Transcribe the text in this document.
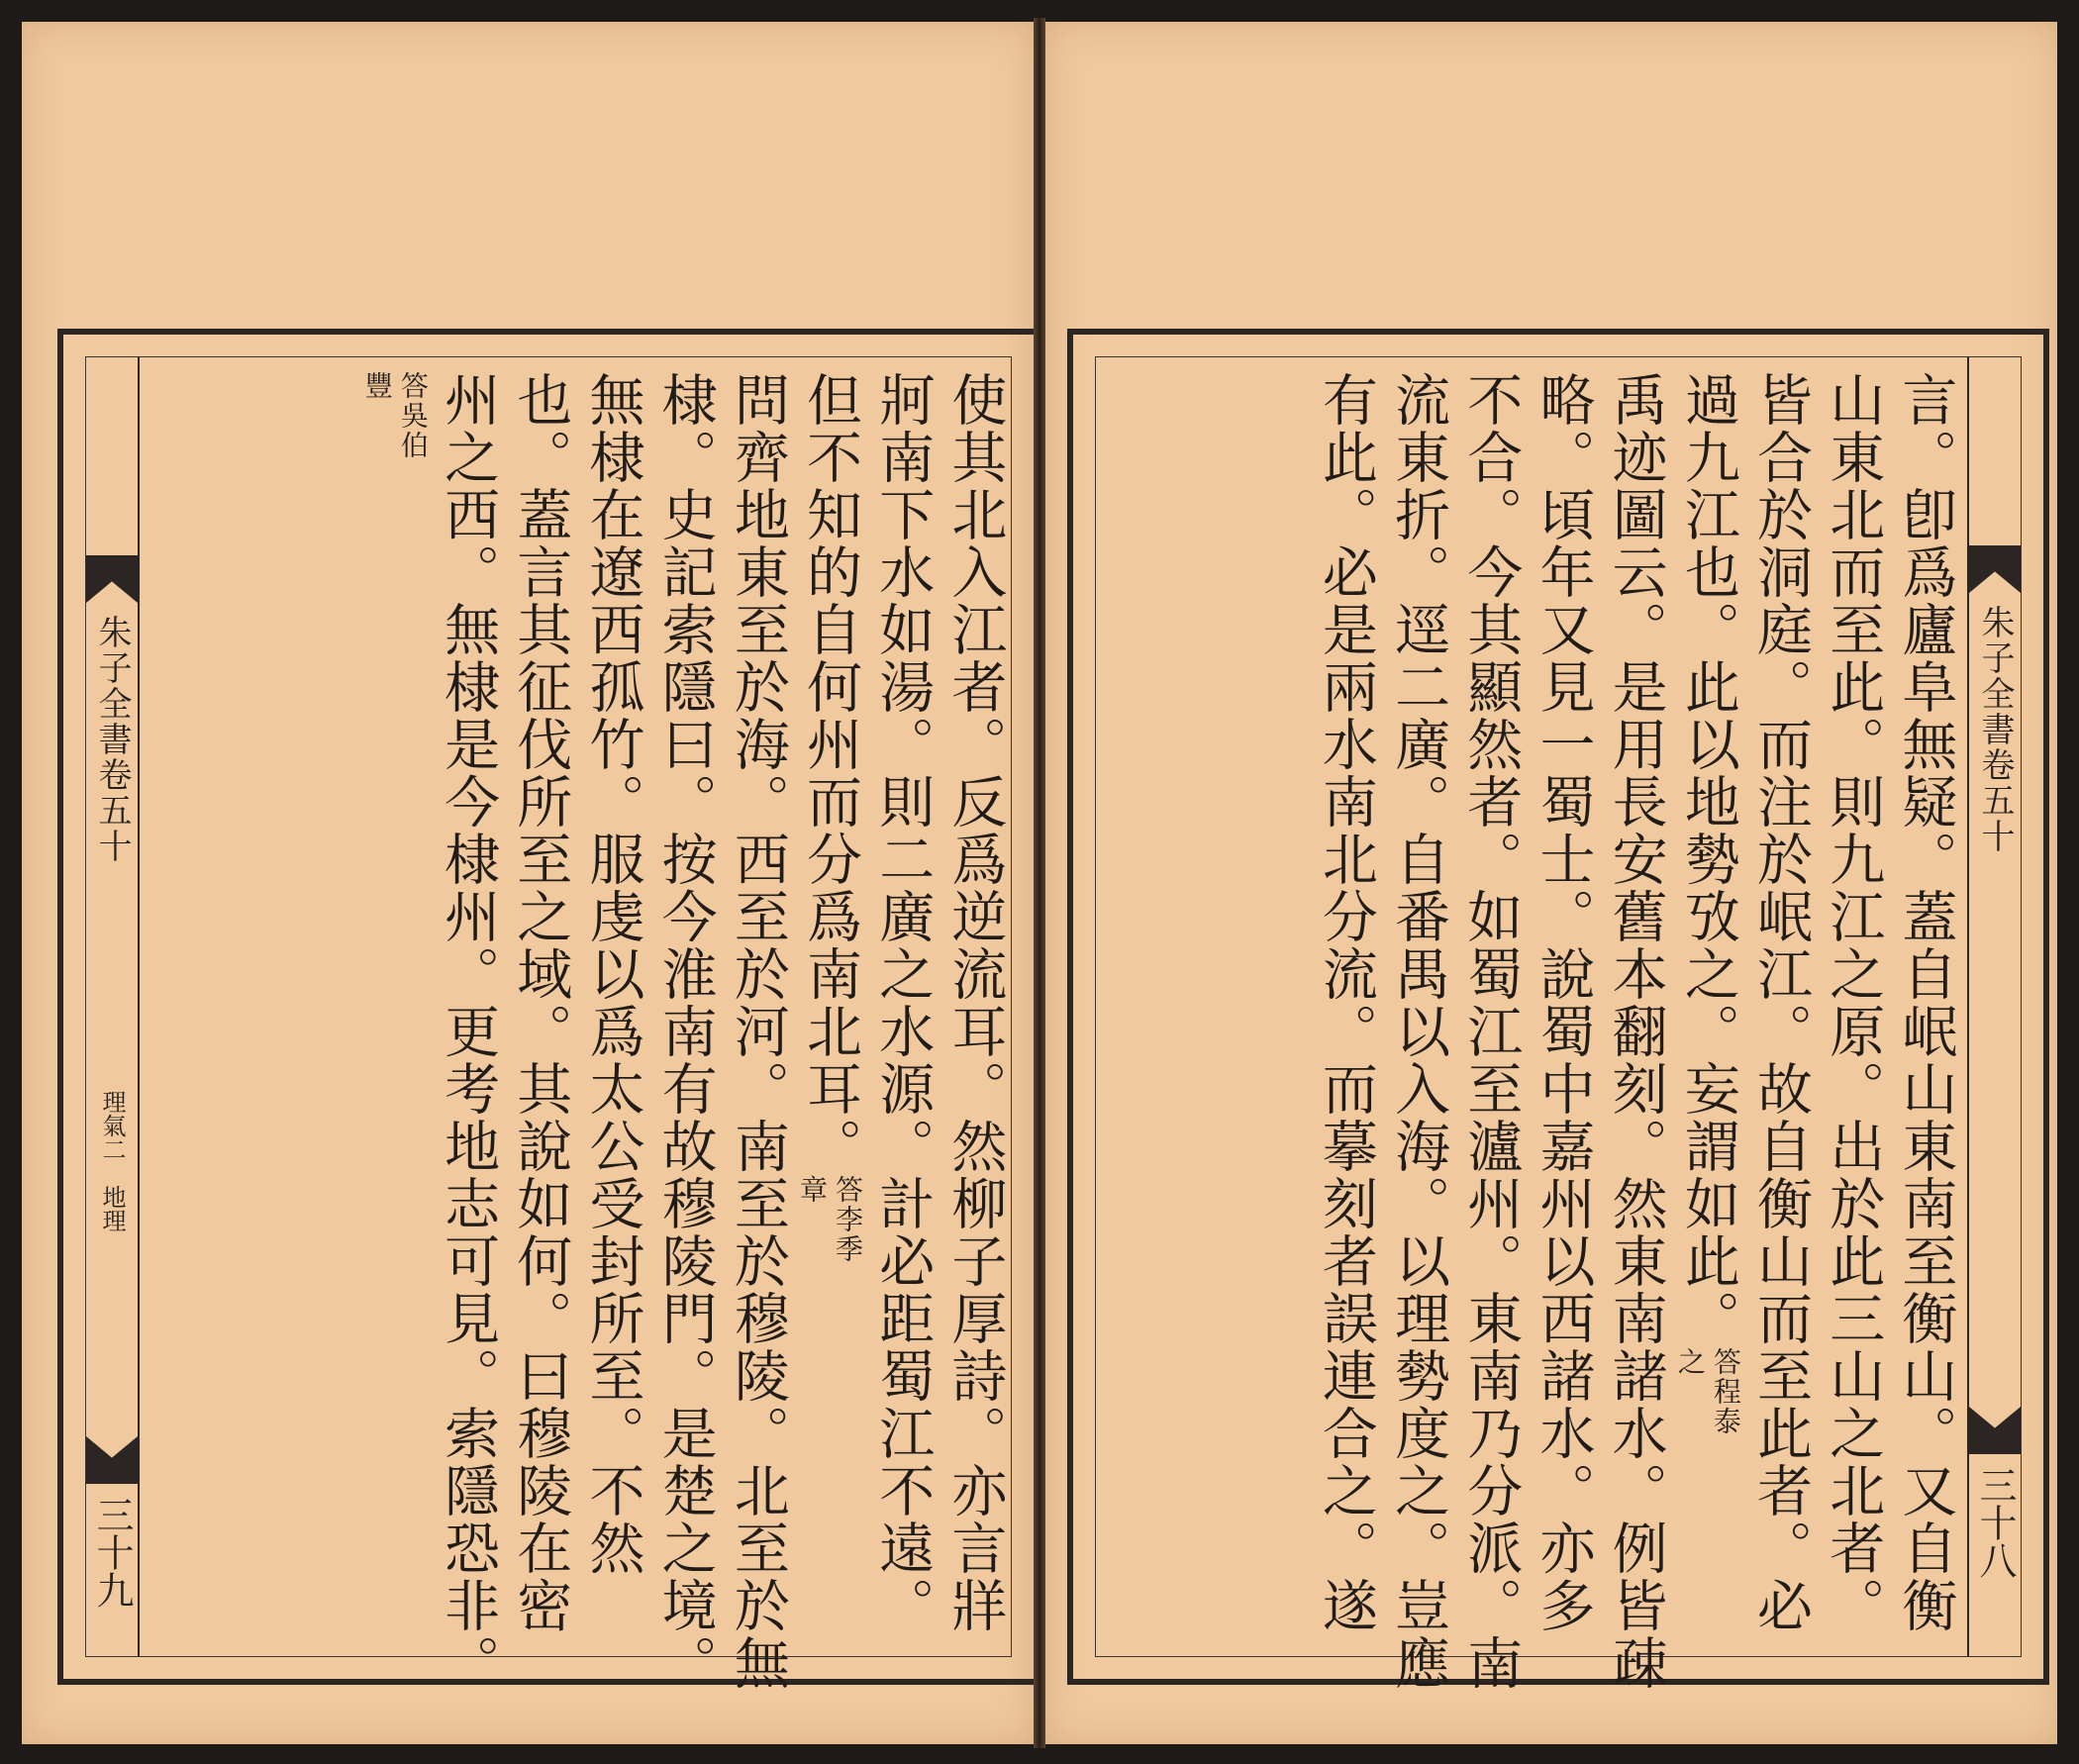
朱子全書卷五十
理氣二　地理
三十九	使其北入江者。反爲逆流耳。然柳子厚詩。亦言牂
牁南下水如湯。則二廣之水源。計必距蜀江不遠。
但不知的自何州而分爲南北耳。答李季章
問齊地東至於海。西至於河。南至於穆陵。北至於無
棣。史記索隱曰。按今淮南有故穆陵門。是楚之境。
無棣在遼西孤竹。服虔以爲太公受封所至。不然
也。蓋言其征伐所至之域。其說如何。曰穆陵在密
州之西。無棣是今棣州。更考地志可見。索隱恐非。
答吳伯豐
朱子全書卷五十
三十八
言。卽爲廬阜無疑。蓋自岷山東南至衡山。又自衡
山東北而至此。則九江之原。出於此三山之北者。
皆合於洞庭。而注於岷江。故自衡山而至此者。必
過九江也。此以地勢攷之。妄謂如此。答程泰之
禹迹圖云。是用長安舊本翻刻。然東南諸水。例皆疎
略。頃年又見一蜀士。說蜀中嘉州以西諸水。亦多
不合。今其顯然者。如蜀江至瀘州。東南乃分派。南
流東折。逕二廣。自番禺以入海。以理勢度之。豈應
有此。必是兩水南北分流。而摹刻者誤連合之。遂
